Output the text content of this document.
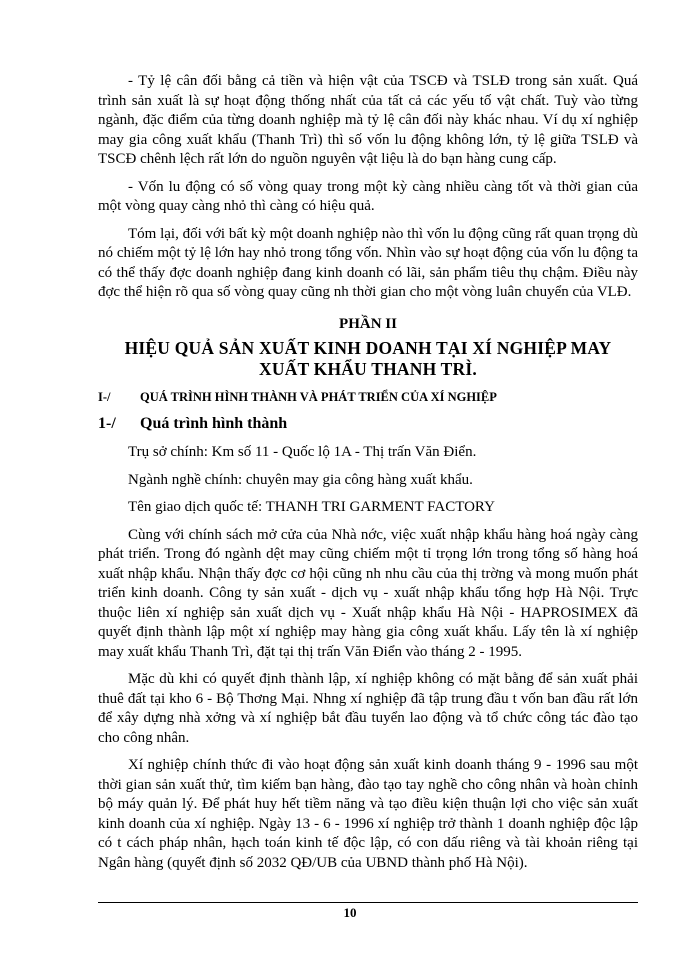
- Tỷ lệ cân đối bằng cả tiền và hiện vật của TSCĐ và TSLĐ trong sản xuất. Quá trình sản xuất là sự hoạt động thống nhất của tất cả các yếu tố vật chất. Tuỳ vào từng ngành, đặc điểm của từng doanh nghiệp mà tỷ lệ cân đối này khác nhau. Ví dụ xí nghiệp may gia công xuất khẩu (Thanh Trì) thì số vốn lu động không lớn, tỷ lệ giữa TSLĐ và TSCĐ chênh lệch rất lớn do nguồn nguyên vật liệu là do bạn hàng cung cấp.

- Vốn lu động có số vòng quay trong một kỳ càng nhiều càng tốt và thời gian của một vòng quay càng nhỏ thì càng có hiệu quả.

Tóm lại, đối với bất kỳ một doanh nghiệp nào thì vốn lu động cũng rất quan trọng dù nó chiếm một tỷ lệ lớn hay nhỏ trong tổng vốn. Nhìn vào sự hoạt động của vốn lu động ta có thể thấy đợc doanh nghiệp đang kinh doanh có lãi, sản phẩm tiêu thụ chậm. Điều này đợc thể hiện rõ qua số vòng quay cũng nh thời gian cho một vòng luân chuyển của VLĐ.

PHẦN II
HIỆU QUẢ SẢN XUẤT KINH DOANH TẠI XÍ NGHIỆP MAY XUẤT KHẨU THANH TRÌ.
I-/	QUÁ TRÌNH HÌNH THÀNH VÀ PHÁT TRIỂN CỦA XÍ NGHIỆP
1-/	Quá trình hình thành

Trụ sở chính: Km số 11 - Quốc lộ 1A - Thị trấn Văn Điển.

Ngành nghề chính: chuyên may gia công hàng xuất khẩu.

Tên giao dịch quốc tế: THANH TRI GARMENT FACTORY

Cùng với chính sách mở cửa của Nhà nớc, việc xuất nhập khẩu hàng hoá ngày càng phát triển. Trong đó ngành dệt may cũng chiếm một tỉ trọng lớn trong tổng số hàng hoá xuất nhập khẩu. Nhận thấy đợc cơ hội cũng nh nhu cầu của thị trờng và mong muốn phát triển kinh doanh. Công ty sản xuất - dịch vụ - xuất nhập khẩu tổng hợp Hà Nội. Trực thuộc liên xí nghiệp sản xuất dịch vụ - Xuất nhập khẩu Hà Nội - HAPROSIMEX đã quyết định thành lập một xí nghiệp may hàng gia công xuất khẩu. Lấy tên là xí nghiệp may xuất khẩu Thanh Trì, đặt tại thị trấn Văn Điển vào tháng 2 - 1995.

Mặc dù khi có quyết định thành lập, xí nghiệp không có mặt bằng để sản xuất phải thuê đất tại kho 6 - Bộ Thơng Mại. Nhng xí nghiệp đã tập trung đầu t vốn ban đầu rất lớn để xây dựng nhà xởng và xí nghiệp bắt đầu tuyển lao động và tổ chức công tác đào tạo cho công nhân.

Xí nghiệp chính thức đi vào hoạt động sản xuất kinh doanh tháng 9 - 1996 sau một thời gian sản xuất thử, tìm kiếm bạn hàng, đào tạo tay nghề cho công nhân và hoàn chỉnh bộ máy quản lý. Để phát huy hết tiềm năng và tạo điều kiện thuận lợi cho việc sản xuất kinh doanh của xí nghiệp. Ngày 13 - 6 - 1996 xí nghiệp trở thành 1 doanh nghiệp độc lập có t cách pháp nhân, hạch toán kinh tế độc lập, có con dấu riêng và tài khoản riêng tại Ngân hàng (quyết định số 2032 QĐ/UB của UBND thành phố Hà Nội).

10
